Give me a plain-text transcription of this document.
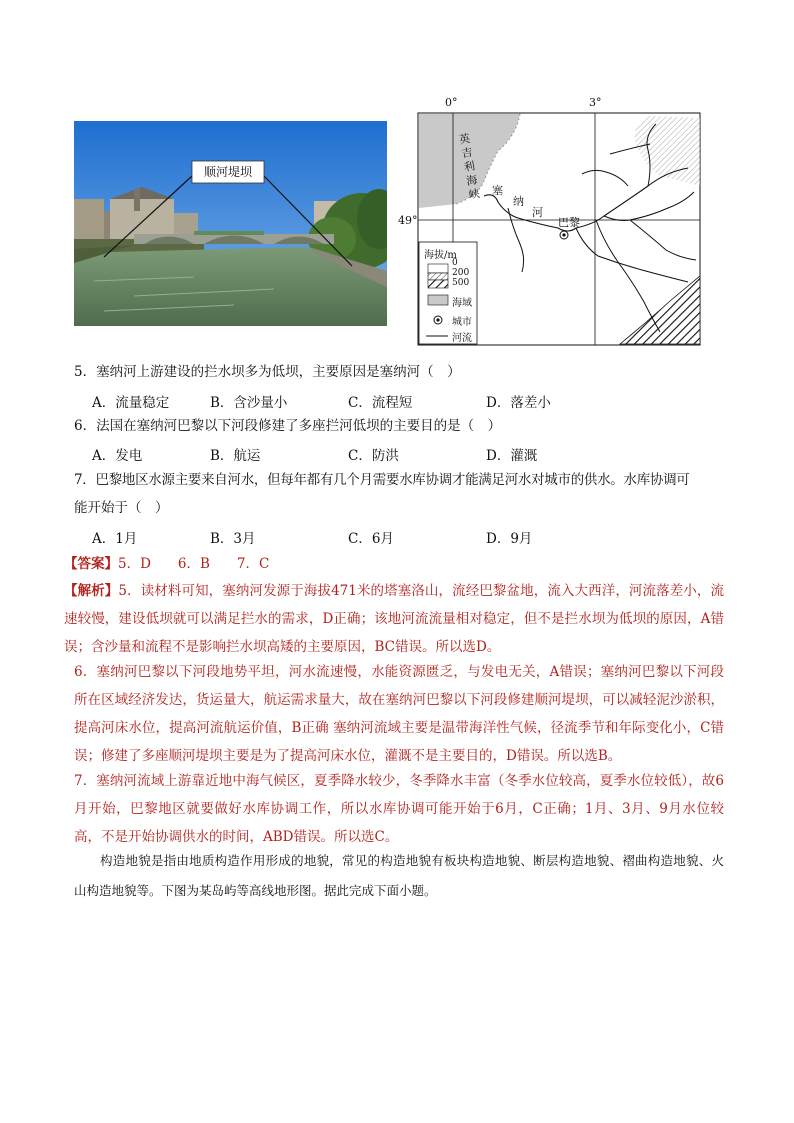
顺河堤坝
0°	3°
49°
英吉利海峡 塞
纳
河
巴黎
海拔/m
0
200
500
海域
城市
河流
5．塞纳河上游建设的拦水坝多为低坝，主要原因是塞纳河（　）
A．流量稳定	B．含沙量小	C．流程短	D．落差小
6．法国在塞纳河巴黎以下河段修建了多座拦河低坝的主要目的是（　）
A．发电	B．航运	C．防洪	D．灌溉
7．巴黎地区水源主要来自河水，但每年都有几个月需要水库协调才能满足河水对城市的供水。水库协调可
能开始于（　）
A．1月	B．3月	C．6月	D．9月
【答案】5．D　　6．B　　7．C
【解析】5．读材料可知，塞纳河发源于海拔471米的塔塞洛山，流经巴黎盆地，流入大西洋，河流落差小，流速较慢，建设低坝就可以满足拦水的需求，D正确；该地河流流量相对稳定，但不是拦水坝为低坝的原因，A错误；含沙量和流程不是影响拦水坝高矮的主要原因，BC错误。所以选D。
6．塞纳河巴黎以下河段地势平坦，河水流速慢，水能资源匮乏，与发电无关，A错误；塞纳河巴黎以下河段所在区域经济发达，货运量大，航运需求量大，故在塞纳河巴黎以下河段修建顺河堤坝，可以减轻泥沙淤积，提高河床水位，提高河流航运价值，B正确 塞纳河流域主要是温带海洋性气候，径流季节和年际变化小，C错误；修建了多座顺河堤坝主要是为了提高河床水位，灌溉不是主要目的，D错误。所以选B。
7．塞纳河流域上游靠近地中海气候区，夏季降水较少，冬季降水丰富（冬季水位较高，夏季水位较低），故6月开始，巴黎地区就要做好水库协调工作，所以水库协调可能开始于6月，C正确；1月、3月、9月水位较高，不是开始协调供水的时间，ABD错误。所以选C。
构造地貌是指由地质构造作用形成的地貌，常见的构造地貌有板块构造地貌、断层构造地貌、褶曲构造地貌、火山构造地貌等。下图为某岛屿等高线地形图。据此完成下面小题。
